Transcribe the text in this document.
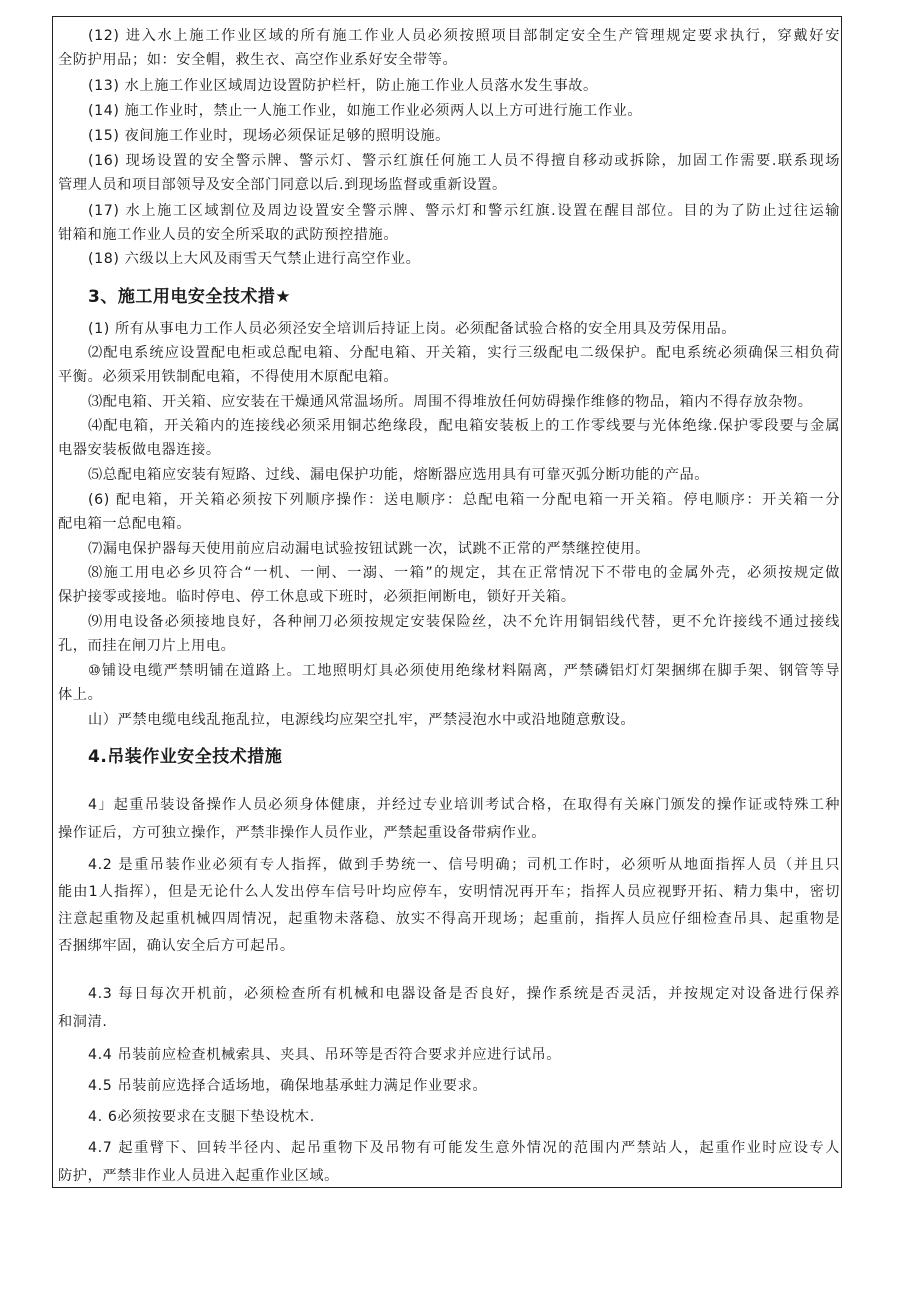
(12) 进入水上施工作业区域的所有施工作业人员必须按照项目部制定安全生产管理规定要求执行，穿戴好安
全防护用品；如：安全帽，救生衣、高空作业系好安全带等。
(13) 水上施工作业区域周边设置防护栏杆，防止施工作业人员落水发生事故。
(14) 施工作业时，禁止一人施工作业，如施工作业必须两人以上方可进行施工作业。
(15) 夜间施工作业时，现场必须保证足够的照明设施。
(16) 现场设置的安全警示牌、警示灯、警示红旗任何施工人员不得擅自移动或拆除，加固工作需要.联系现场
管理人员和项目部领导及安全部门同意以后.到现场监督或重新设置。
(17) 水上施工区域割位及周边设置安全警示牌、警示灯和警示红旗.设置在醒目部位。目的为了防止过往运输
钳箱和施工作业人员的安全所采取的武防预控措施。
(18) 六级以上大风及雨雪天气禁止进行高空作业。
3、施工用电安全技术措★
(1) 所有从事电力工作人员必须泾安全培训后持证上岗。必须配备试验合格的安全用具及劳保用品。
⑵配电系统应设置配电柜或总配电箱、分配电箱、开关箱，实行三级配电二级保护。配电系统必须确保三相负荷
平衡。必须采用铁制配电箱，不得使用木原配电箱。
⑶配电箱、开关箱、应安装在干燥通风常温场所。周围不得堆放任何妨碍操作维修的物品，箱内不得存放杂物。
⑷配电箱，开关箱内的连接线必须采用铜芯绝缘段，配电箱安装板上的工作零线要与光体绝缘.保护零段要与金属
电器安装板做电器连接。
⑸总配电箱应安装有短路、过线、漏电保护功能，熔断器应选用具有可靠灭弧分断功能的产品。
(6) 配电箱，开关箱必须按下列顺序操作：送电顺序：总配电箱一分配电箱一开关箱。停电顺序：开关箱一分
配电箱一总配电箱。
⑺漏电保护器每天使用前应启动漏电试验按钮试跳一次，试跳不正常的严禁继控使用。
⑻施工用电必乡贝符合“一机、一闸、一溺、一箱”的规定，其在正常情况下不带电的金属外壳，必须按规定做
保护接零或接地。临时停电、停工休息或下班时，必须拒闸断电，锁好开关箱。
⑼用电设备必须接地良好，各种闸刀必须按规定安装保险丝，决不允许用铜铝线代替，更不允许接线不通过接线
孔，而挂在闸刀片上用电。
⑩铺设电缆严禁明铺在道路上。工地照明灯具必须使用绝缘材料隔离，严禁磷铝灯灯架捆绑在脚手架、钢管等导
体上。
山）严禁电缆电线乱拖乱拉，电源线均应架空扎牢，严禁浸泡水中或沿地随意敷设。
4.吊装作业安全技术措施
4」起重吊装设备操作人员必须身体健康，并经过专业培训考试合格，在取得有关麻门颁发的操作证或特殊工种
操作证后，方可独立操作，严禁非操作人员作业，严禁起重设备带病作业。
4.2 是重吊装作业必须有专人指挥，做到手势统一、信号明确；司机工作时，必须听从地面指挥人员（并且只
能由1人指挥），但是无论什么人发出停车信号叶均应停车，安明情况再开车；指挥人员应视野开拓、精力集中，密切
注意起重物及起重机械四周情况，起重物未落稳、放实不得高开现场；起重前，指挥人员应仔细检查吊具、起重物是
否捆绑牢固，确认安全后方可起吊。
4.3 每日每次开机前，必须检查所有机械和电器设备是否良好，操作系统是否灵活，并按规定对设备进行保养
和洞清.
4.4 吊装前应检查机械索具、夹具、吊环等是否符合要求并应进行试吊。
4.5 吊装前应选择合适场地，确保地基承蛀力满足作业要求。
4. 6必须按要求在支腿下垫设枕木.
4.7 起重臂下、回转半径内、起吊重物下及吊物有可能发生意外情况的范围内严禁站人，起重作业时应设专人
防护，严禁非作业人员进入起重作业区域。
